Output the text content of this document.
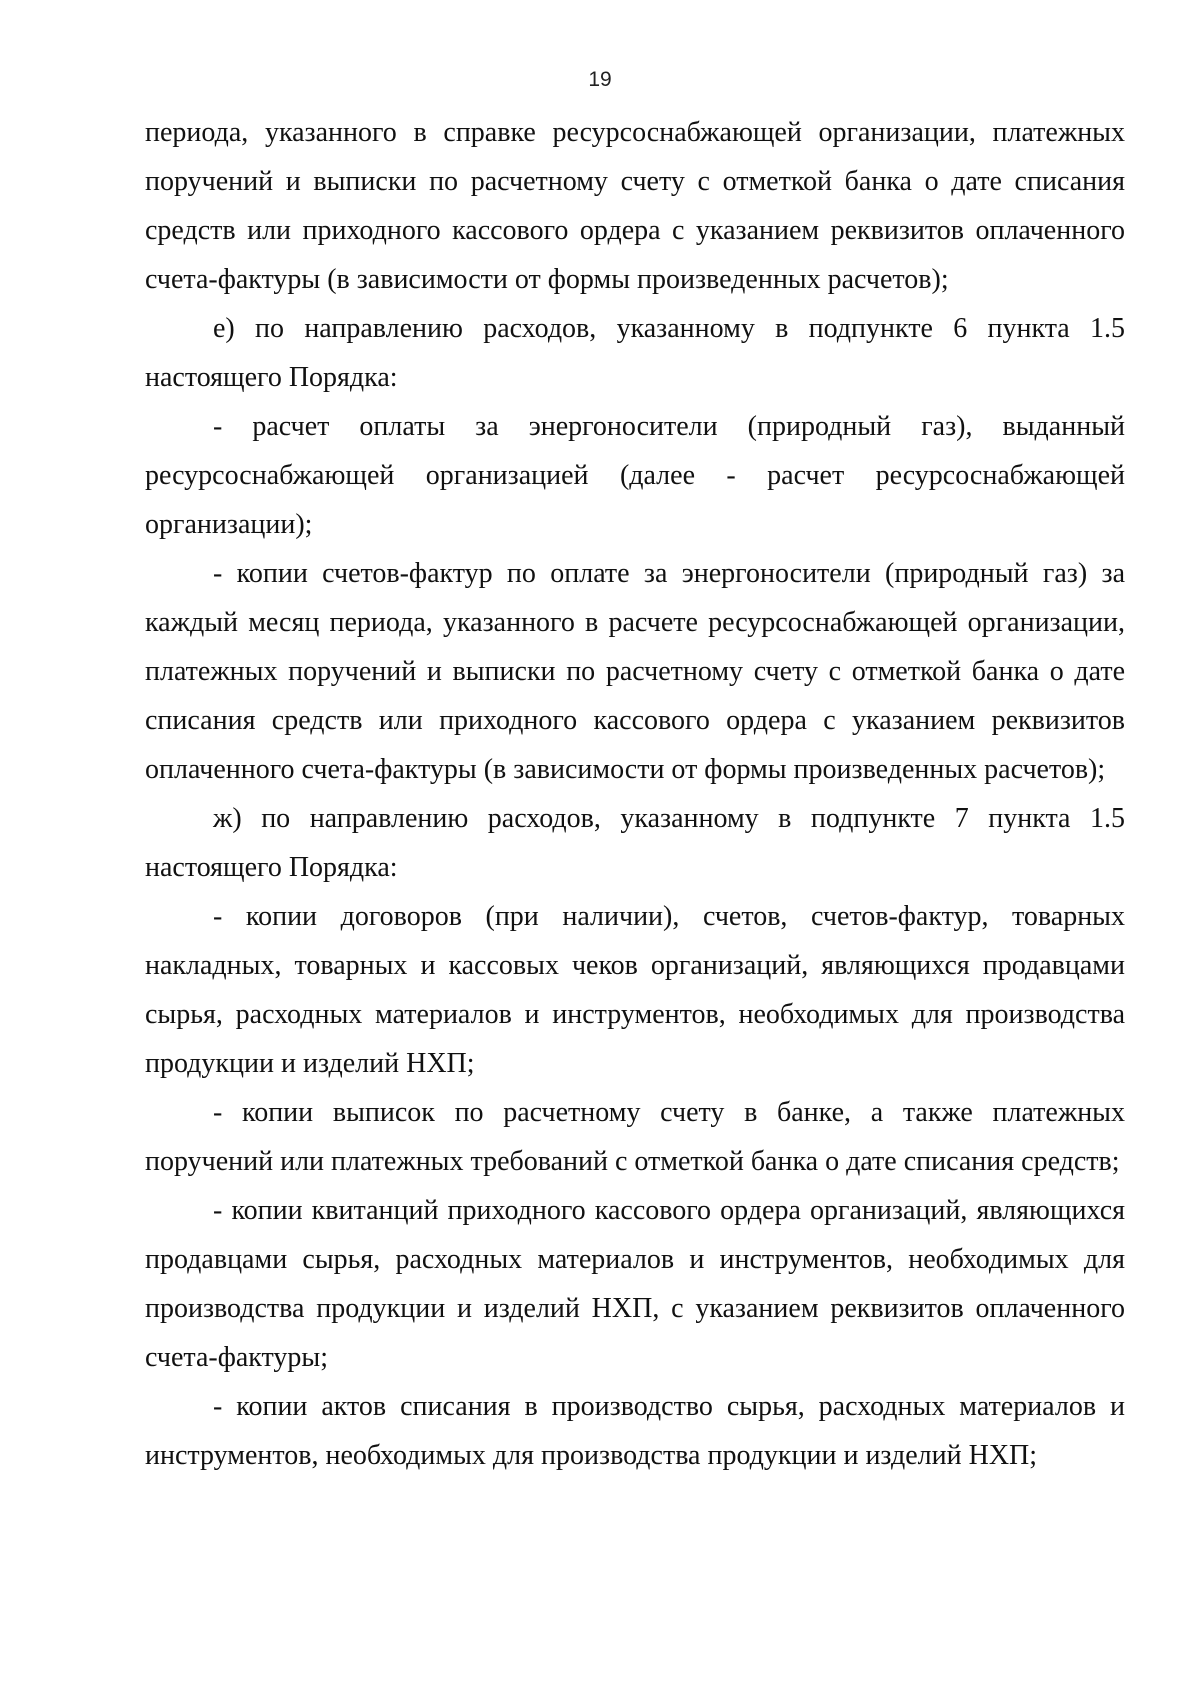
19

периода, указанного в справке ресурсоснабжающей организации, платежных поручений и выписки по расчетному счету с отметкой банка о дате списания средств или приходного кассового ордера с указанием реквизитов оплаченного счета-фактуры (в зависимости от формы произведенных расчетов);

е) по направлению расходов, указанному в подпункте 6 пункта 1.5 настоящего Порядка:

- расчет оплаты за энергоносители (природный газ), выданный ресурсоснабжающей организацией (далее - расчет ресурсоснабжающей организации);

- копии счетов-фактур по оплате за энергоносители (природный газ) за каждый месяц периода, указанного в расчете ресурсоснабжающей организации, платежных поручений и выписки по расчетному счету с отметкой банка о дате списания средств или приходного кассового ордера с указанием реквизитов оплаченного счета-фактуры (в зависимости от формы произведенных расчетов);

ж) по направлению расходов, указанному в подпункте 7 пункта 1.5 настоящего Порядка:

- копии договоров (при наличии), счетов, счетов-фактур, товарных накладных, товарных и кассовых чеков организаций, являющихся продавцами сырья, расходных материалов и инструментов, необходимых для производства продукции и изделий НХП;

- копии выписок по расчетному счету в банке, а также платежных поручений или платежных требований с отметкой банка о дате списания средств;

- копии квитанций приходного кассового ордера организаций, являющихся продавцами сырья, расходных материалов и инструментов, необходимых для производства продукции и изделий НХП, с указанием реквизитов оплаченного счета-фактуры;

- копии актов списания в производство сырья, расходных материалов и инструментов, необходимых для производства продукции и изделий НХП;
